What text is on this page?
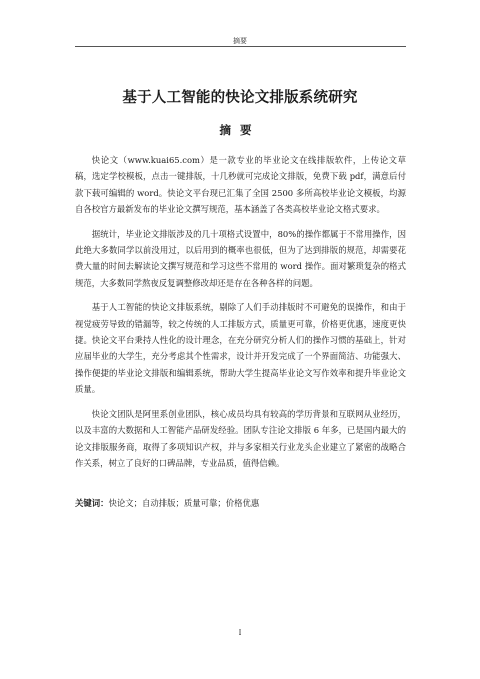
摘要
基于人工智能的快论文排版系统研究
摘要

快论文（www.kuai65.com）是一款专业的毕业论文在线排版软件，上传论文草稿，选定学校模板，点击一键排版，十几秒就可完成论文排版，免费下载 pdf，满意后付款下载可编辑的 word。快论文平台现已汇集了全国 2500 多所高校毕业论文模板，均源自各校官方最新发布的毕业论文撰写规范，基本涵盖了各类高校毕业论文格式要求。

据统计，毕业论文排版涉及的几十项格式设置中，80%的操作都属于不常用操作，因此绝大多数同学以前没用过，以后用到的概率也很低，但为了达到排版的规范，却需要花费大量的时间去解读论文撰写规范和学习这些不常用的 word 操作。面对繁琐复杂的格式规范，大多数同学熬夜反复调整修改却还是存在各种各样的问题。

基于人工智能的快论文排版系统，剔除了人们手动排版时不可避免的误操作，和由于视觉疲劳导致的错漏等，较之传统的人工排版方式，质量更可靠，价格更优惠，速度更快捷。快论文平台秉持人性化的设计理念，在充分研究分析人们的操作习惯的基础上，针对应届毕业的大学生，充分考虑其个性需求，设计并开发完成了一个界面简洁、功能强大、操作便捷的毕业论文排版和编辑系统，帮助大学生提高毕业论文写作效率和提升毕业论文质量。

快论文团队是阿里系创业团队，核心成员均具有较高的学历背景和互联网从业经历，以及丰富的大数据和人工智能产品研发经验。团队专注论文排版 6 年多，已是国内最大的论文排版服务商，取得了多项知识产权，并与多家相关行业龙头企业建立了紧密的战略合作关系，树立了良好的口碑品牌，专业品质，值得信赖。

关键词：快论文；自动排版；质量可靠；价格优惠
I
